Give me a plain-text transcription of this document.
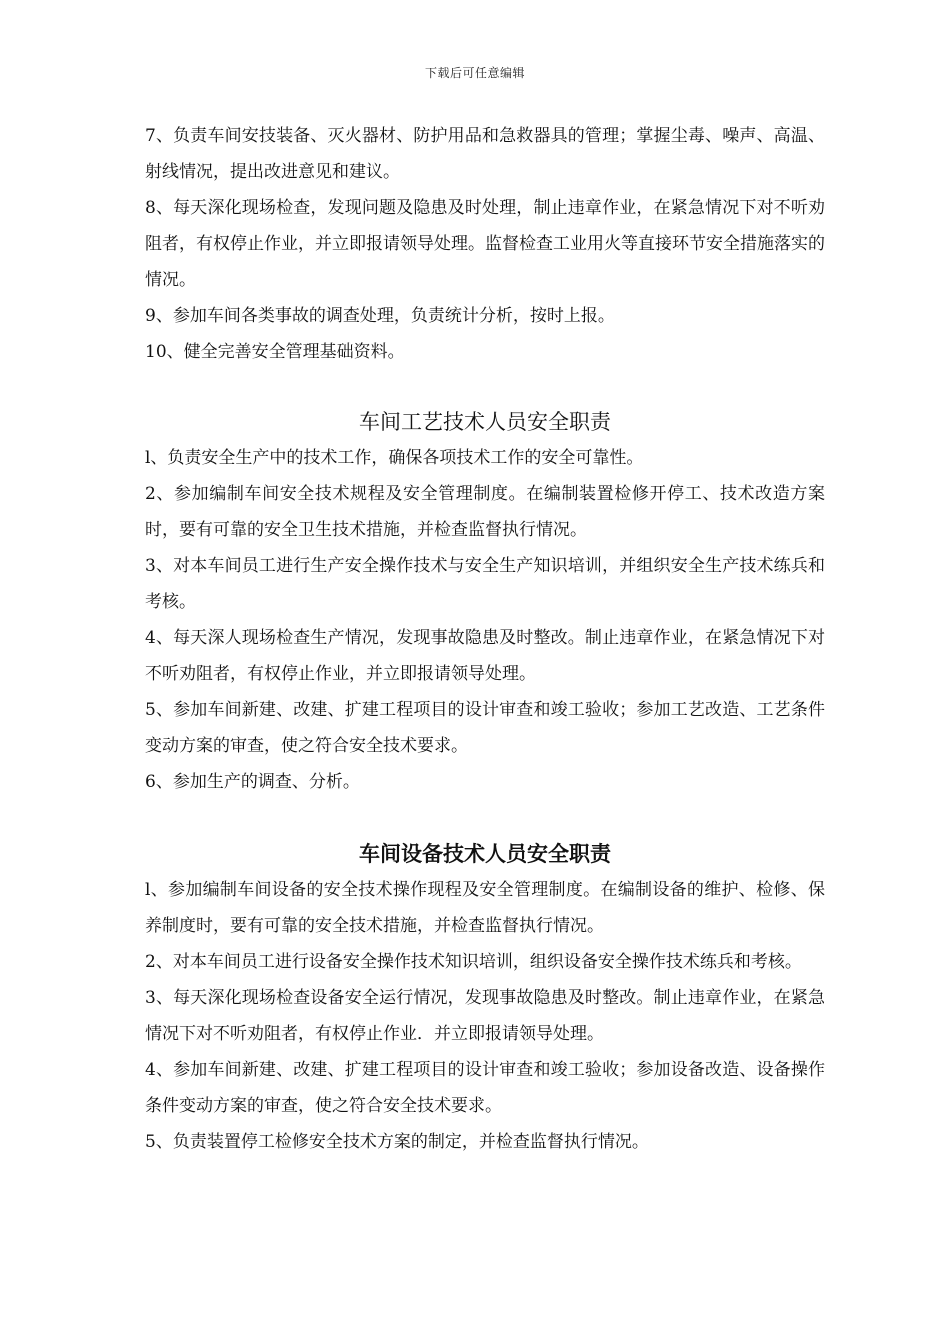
下载后可任意编辑

7、负责车间安技装备、灭火器材、防护用品和急救器具的管理；掌握尘毒、噪声、高温、射线情况，提出改进意见和建议。

8、每天深化现场检查，发现问题及隐患及时处理，制止违章作业，在紧急情况下对不听劝阻者，有权停止作业，并立即报请领导处理。监督检查工业用火等直接环节安全措施落实的情况。

9、参加车间各类事故的调查处理，负责统计分析，按时上报。

10、健全完善安全管理基础资料。

车间工艺技术人员安全职责

l、负责安全生产中的技术工作，确保各项技术工作的安全可靠性。

2、参加编制车间安全技术规程及安全管理制度。在编制装置检修开停工、技术改造方案时，要有可靠的安全卫生技术措施，并检查监督执行情况。

3、对本车间员工进行生产安全操作技术与安全生产知识培训，并组织安全生产技术练兵和考核。

4、每天深人现场检查生产情况，发现事故隐患及时整改。制止违章作业，在紧急情况下对不听劝阻者，有权停止作业，并立即报请领导处理。

5、参加车间新建、改建、扩建工程项目的设计审查和竣工验收；参加工艺改造、工艺条件变动方案的审查，使之符合安全技术要求。

6、参加生产的调查、分析。

车间设备技术人员安全职责

l、参加编制车间设备的安全技术操作现程及安全管理制度。在编制设备的维护、检修、保养制度时，要有可靠的安全技术措施，并检查监督执行情况。

2、对本车间员工进行设备安全操作技术知识培训，组织设备安全操作技术练兵和考核。

3、每天深化现场检查设备安全运行情况，发现事故隐患及时整改。制止违章作业，在紧急情况下对不听劝阻者，有权停止作业．并立即报请领导处理。

4、参加车间新建、改建、扩建工程项目的设计审查和竣工验收；参加设备改造、设备操作条件变动方案的审查，使之符合安全技术要求。

5、负责装置停工检修安全技术方案的制定，并检查监督执行情况。
